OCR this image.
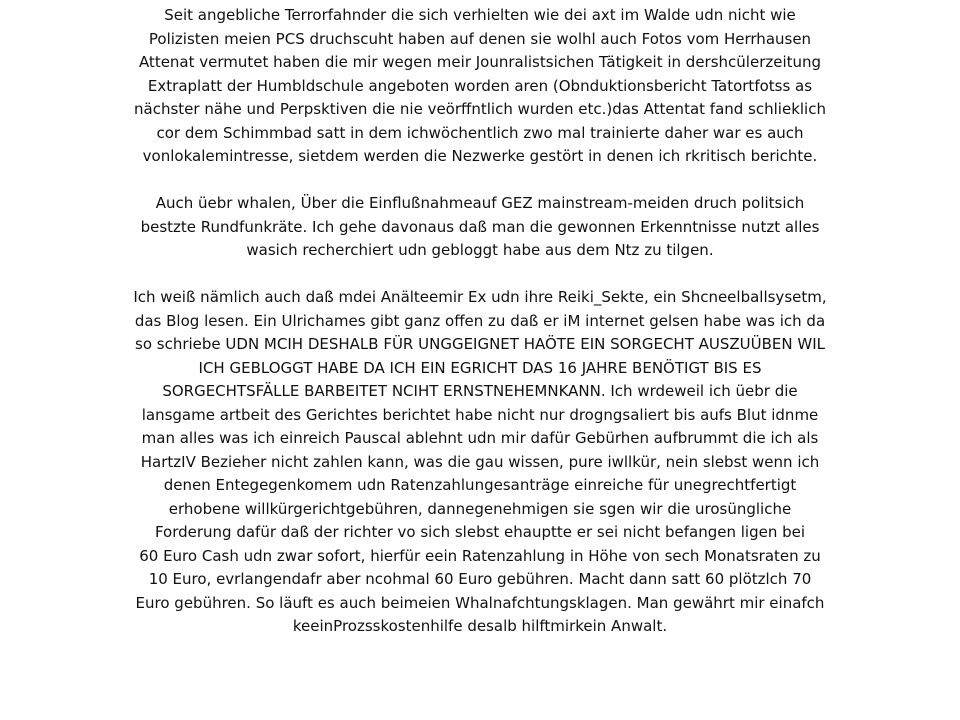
Seit angebliche Terrorfahnder die sich verhielten wie dei axt im Walde udn nicht wie
Polizisten meien PCS druchscuht haben auf denen sie wolhl auch Fotos vom Herrhausen
Attenat vermutet haben die mir wegen meir Jounralistsichen Tätigkeit in dershcülerzeitung
Extraplatt der Humbldschule angeboten worden aren (Obnduktionsbericht Tatortfotss as
nächster nähe und Perpsktiven die nie veörffntlich wurden etc.)das Attentat fand schlieklich
cor dem Schimmbad satt in dem ichwöchentlich zwo mal trainierte daher war es auch
vonlokalemintresse, sietdem werden die Nezwerke gestört in denen ich rkritisch berichte.
Auch üebr whalen, Über die Einflußnahmeauf GEZ mainstream-meiden druch politsich
bestzte Rundfunkräte. Ich gehe davonaus daß man die gewonnen Erkenntnisse nutzt alles
wasich recherchiert udn gebloggt habe aus dem Ntz zu tilgen.
Ich weiß nämlich auch daß mdei Anälteemir Ex udn ihre Reiki_Sekte, ein Shcneelballsysetm,
das Blog lesen. Ein Ulrichames gibt ganz offen zu daß er iM internet gelsen habe was ich da
so schriebe UDN MCIH DESHALB FÜR UNGGEIGNET HAÖTE EIN SORGECHT AUSZUÜBEN WIL
ICH GEBLOGGT HABE DA ICH EIN EGRICHT DAS 16 JAHRE BENÖTIGT BIS ES
SORGECHTSFÄLLE BARBEITET NCIHT ERNSTNEHEMNKANN. Ich wrdeweil ich üebr die
lansgame artbeit des Gerichtes berichtet habe nicht nur drogngsaliert bis aufs Blut idnme
man alles was ich einreich Pauscal ablehnt udn mir dafür Gebürhen aufbrummt die ich als
HartzIV Bezieher nicht zahlen kann, was die gau wissen, pure iwllkür, nein slebst wenn ich
denen Entegegenkomem udn Ratenzahlungesanträge einreiche für unegrechtfertigt
erhobene willkürgerichtgebühren, dannegenehmigen sie sgen wir die urosüngliche
Forderung dafür daß der richter vo sich slebst ehauptte er sei nicht befangen ligen bei
60 Euro Cash udn zwar sofort, hierfür eein Ratenzahlung in Höhe von sech Monatsraten zu
10 Euro, evrlangendafr aber ncohmal 60 Euro gebühren. Macht dann satt 60 plötzlch 70
Euro gebühren. So läuft es auch beimeien Whalnafchtungsklagen. Man gewährt mir einafch
keeinProzsskostenhilfe desalb hilftmirkein Anwalt.
